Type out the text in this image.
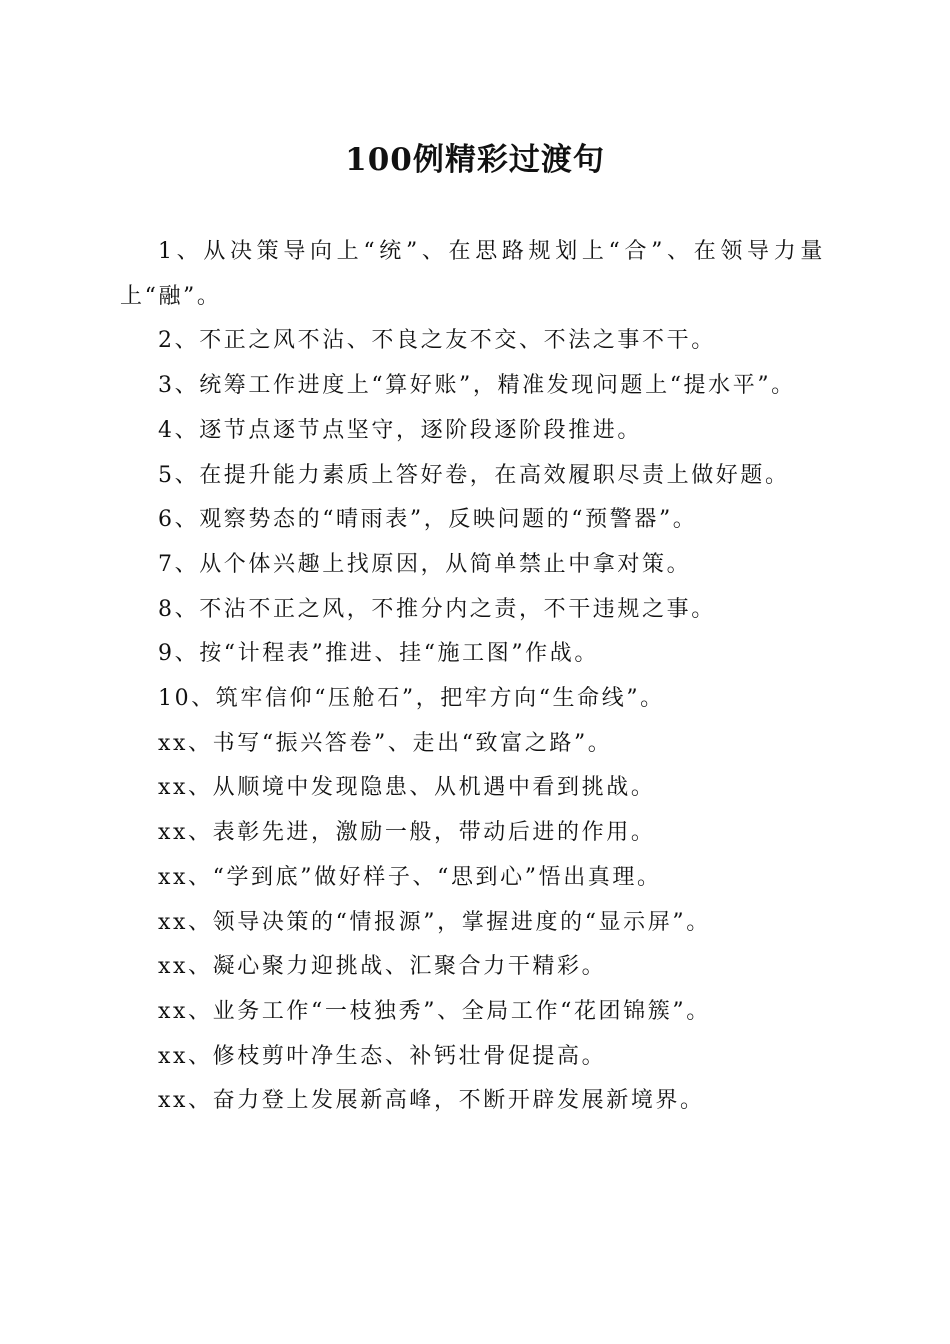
100例精彩过渡句

1、从决策导向上“统”、在思路规划上“合”、在领导力量上“融”。

2、不正之风不沾、不良之友不交、不法之事不干。

3、统筹工作进度上“算好账”，精准发现问题上“提水平”。

4、逐节点逐节点坚守，逐阶段逐阶段推进。

5、在提升能力素质上答好卷，在高效履职尽责上做好题。

6、观察势态的“晴雨表”，反映问题的“预警器”。

7、从个体兴趣上找原因，从简单禁止中拿对策。

8、不沾不正之风，不推分内之责，不干违规之事。

9、按“计程表”推进、挂“施工图”作战。

10、筑牢信仰“压舱石”，把牢方向“生命线”。

xx、书写“振兴答卷”、走出“致富之路”。

xx、从顺境中发现隐患、从机遇中看到挑战。

xx、表彰先进，激励一般，带动后进的作用。

xx、“学到底”做好样子、“思到心”悟出真理。

xx、领导决策的“情报源”，掌握进度的“显示屏”。

xx、凝心聚力迎挑战、汇聚合力干精彩。

xx、业务工作“一枝独秀”、全局工作“花团锦簇”。

xx、修枝剪叶净生态、补钙壮骨促提高。

xx、奋力登上发展新高峰，不断开辟发展新境界。
